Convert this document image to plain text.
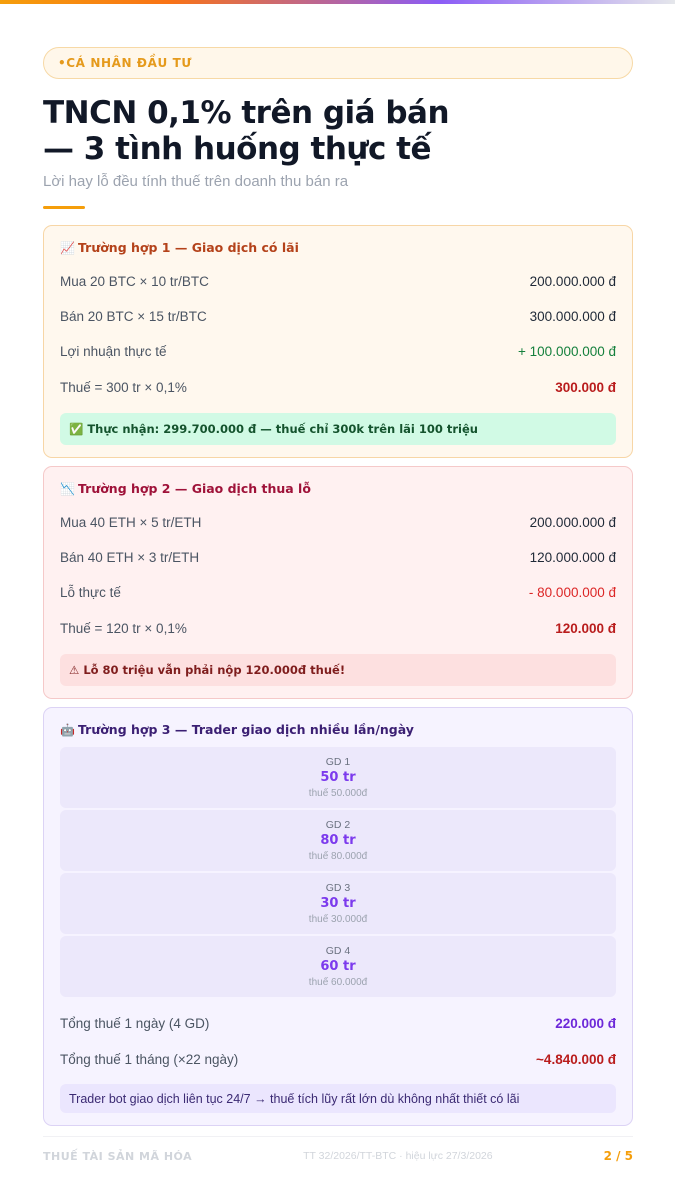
•CÁ NHÂN ĐẦU TƯ
TNCN 0,1% trên giá bán
— 3 tình huống thực tế
Lời hay lỗ đều tính thuế trên doanh thu bán ra
📈 Trường hợp 1 — Giao dịch có lãi
Mua 20 BTC × 10 tr/BTC	200.000.000 đ
Bán 20 BTC × 15 tr/BTC	300.000.000 đ
Lợi nhuận thực tế	+ 100.000.000 đ
Thuế = 300 tr × 0,1%	300.000 đ
✅ Thực nhận: 299.700.000 đ — thuế chỉ 300k trên lãi 100 triệu
📉 Trường hợp 2 — Giao dịch thua lỗ
Mua 40 ETH × 5 tr/ETH	200.000.000 đ
Bán 40 ETH × 3 tr/ETH	120.000.000 đ
Lỗ thực tế	- 80.000.000 đ
Thuế = 120 tr × 0,1%	120.000 đ
⚠ Lỗ 80 triệu vẫn phải nộp 120.000đ thuế!
🤖 Trường hợp 3 — Trader giao dịch nhiều lần/ngày
GD 1
50 tr
thuế 50.000đ
GD 2
80 tr
thuế 80.000đ
GD 3
30 tr
thuế 30.000đ
GD 4
60 tr
thuế 60.000đ
Tổng thuế 1 ngày (4 GD)	220.000 đ
Tổng thuế 1 tháng (×22 ngày)	~4.840.000 đ
Trader bot giao dịch liên tục 24/7 → thuế tích lũy rất lớn dù không nhất thiết có lãi
THUẾ TÀI SẢN MÃ HÓA	TT 32/2026/TT-BTC · hiệu lực 27/3/2026	2 / 5
